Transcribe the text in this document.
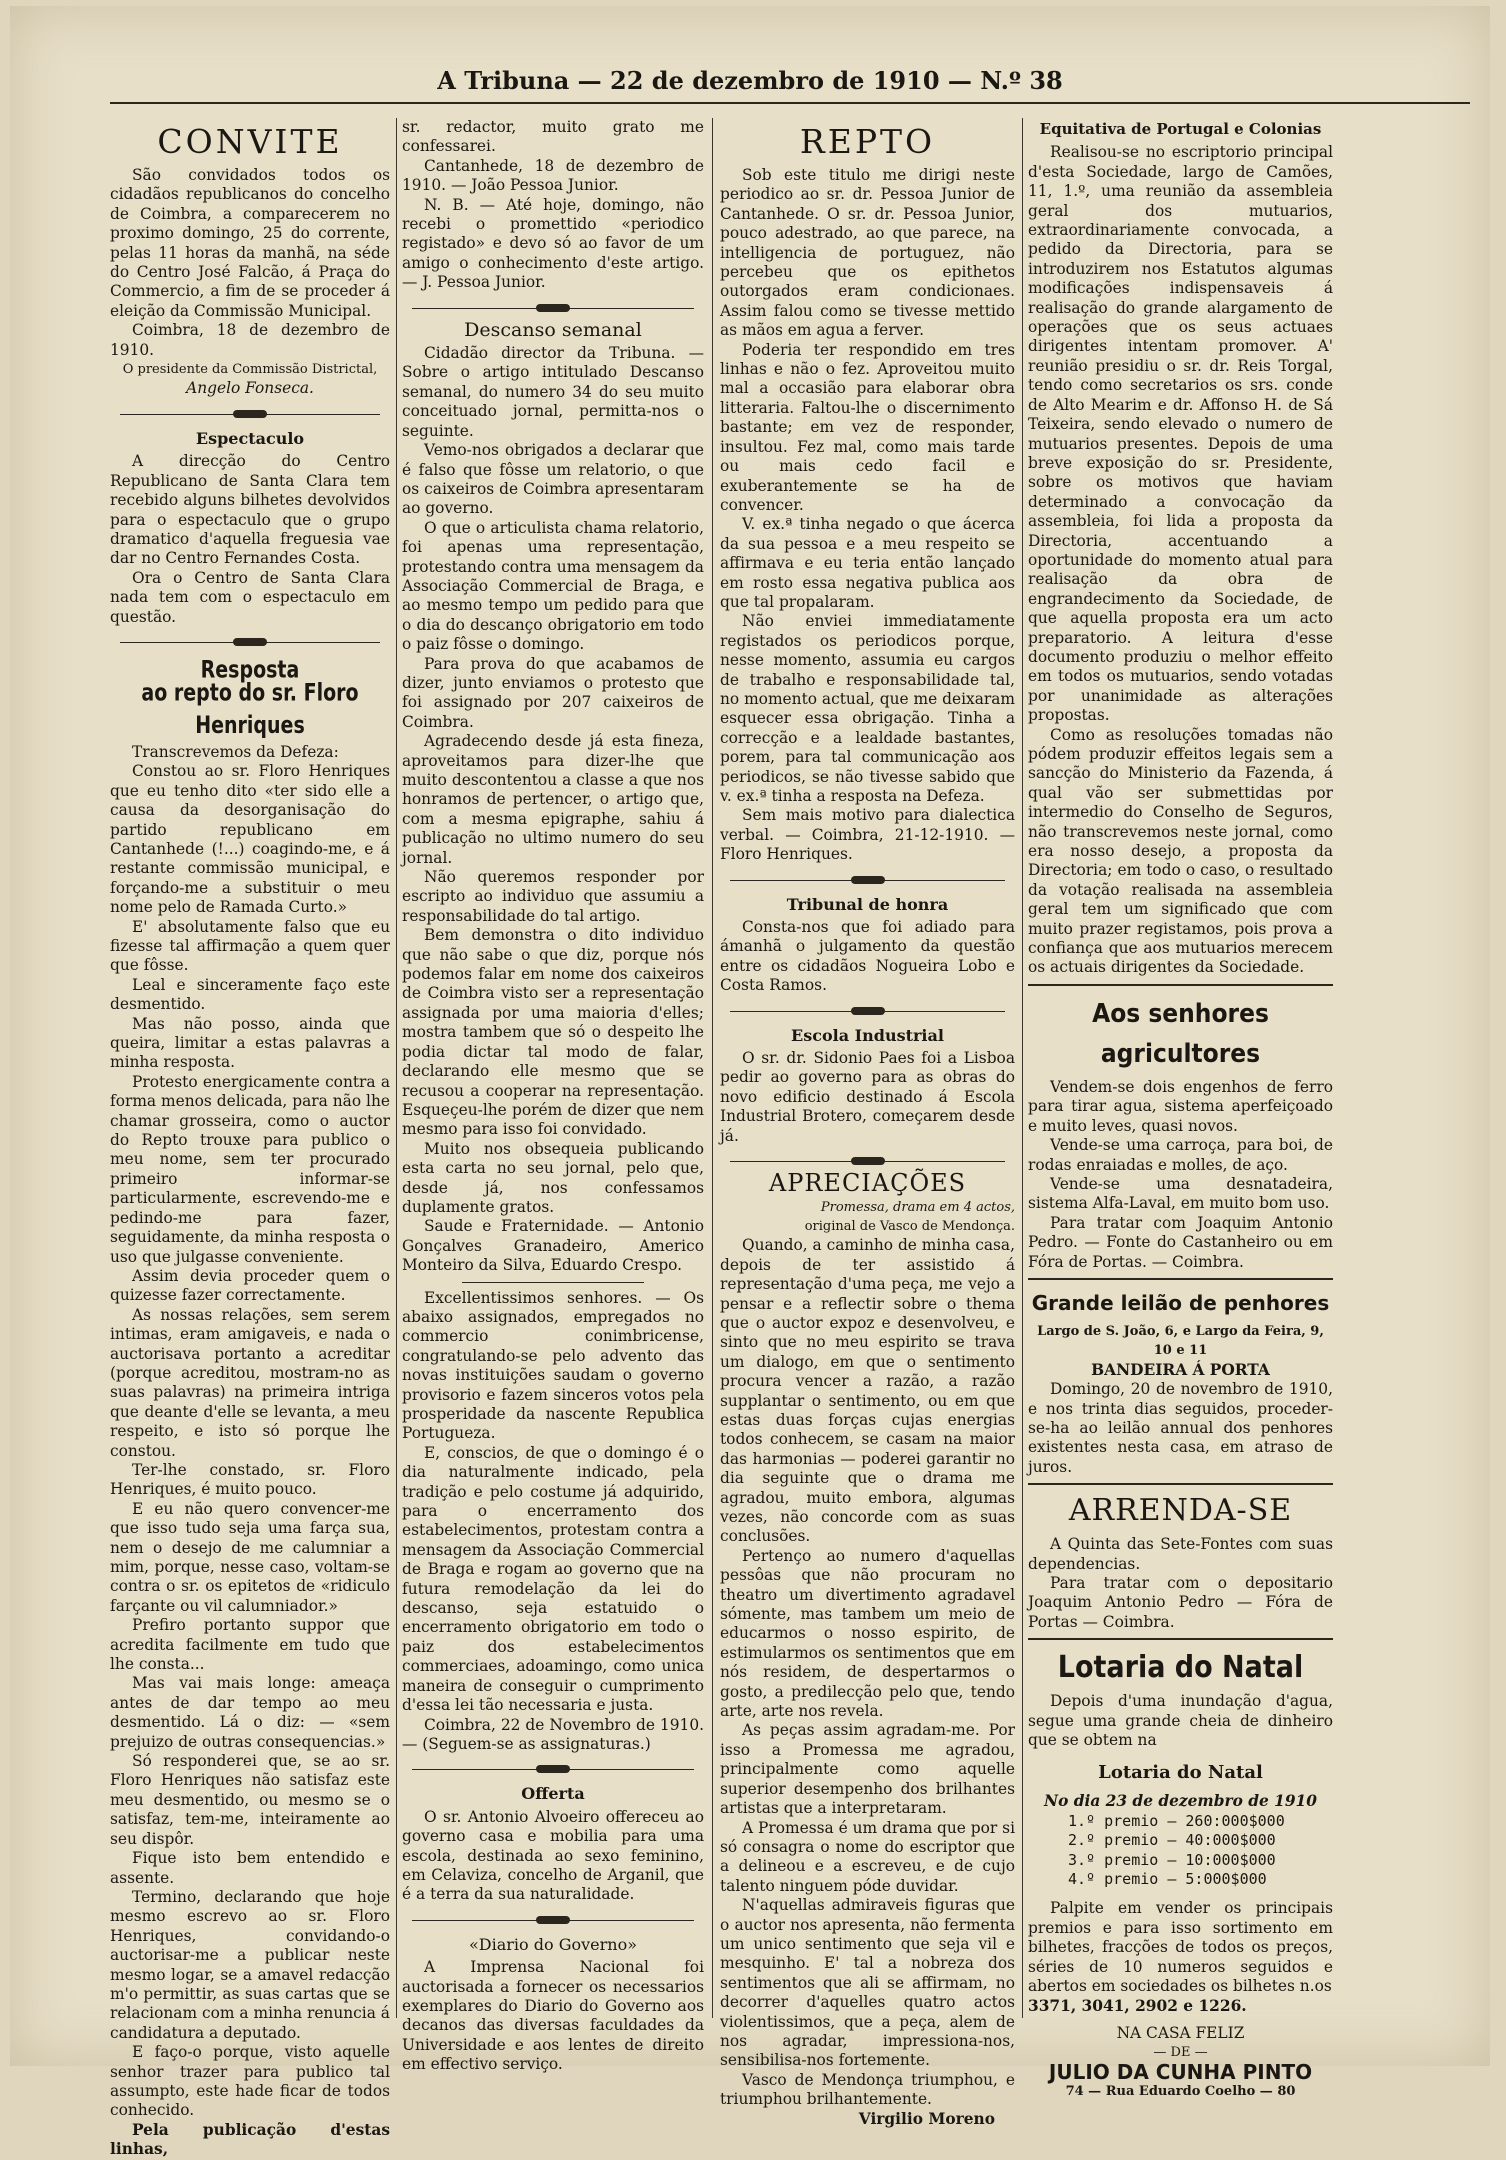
A Tribuna — 22 de dezembro de 1910 — N.º 38
CONVITE

São convidados todos os cidadãos republicanos do concelho de Coimbra, a comparecerem no proximo domingo, 25 do corrente, pelas 11 horas da manhã, na séde do Centro José Falcão, á Praça do Commercio, a fim de se proceder á eleição da Commissão Municipal.

Coimbra, 18 de dezembro de 1910.

O presidente da Commissão Districtal,

Angelo Fonseca.

Espectaculo

A direcção do Centro Republicano de Santa Clara tem recebido alguns bilhetes devolvidos para o espectaculo que o grupo dramatico d'aquella freguesia vae dar no Centro Fernandes Costa.

Ora o Centro de Santa Clara nada tem com o espectaculo em questão.

Resposta
ao repto do sr. Floro Henriques

Transcrevemos da Defeza:

Constou ao sr. Floro Henriques que eu tenho dito «ter sido elle a causa da desorganisação do partido republicano em Cantanhede (!...) coagindo-me, e á restante commissão municipal, e forçando-me a substituir o meu nome pelo de Ramada Curto.»

E' absolutamente falso que eu fizesse tal affirmação a quem quer que fôsse.

Leal e sinceramente faço este desmentido.

Mas não posso, ainda que queira, limitar a estas palavras a minha resposta.

Protesto energicamente contra a forma menos delicada, para não lhe chamar grosseira, como o auctor do Repto trouxe para publico o meu nome, sem ter procurado primeiro informar-se particularmente, escrevendo-me e pedindo-me para fazer, seguidamente, da minha resposta o uso que julgasse conveniente.

Assim devia proceder quem o quizesse fazer correctamente.

As nossas relações, sem serem intimas, eram amigaveis, e nada o auctorisava portanto a acreditar (porque acreditou, mostram-no as suas palavras) na primeira intriga que deante d'elle se levanta, a meu respeito, e isto só porque lhe constou.

Ter-lhe constado, sr. Floro Henriques, é muito pouco.

E eu não quero convencer-me que isso tudo seja uma farça sua, nem o desejo de me calumniar a mim, porque, nesse caso, voltam-se contra o sr. os epitetos de «ridiculo farçante ou vil calumniador.»

Prefiro portanto suppor que acredita facilmente em tudo que lhe consta...

Mas vai mais longe: ameaça antes de dar tempo ao meu desmentido. Lá o diz: — «sem prejuizo de outras consequencias.»

Só responderei que, se ao sr. Floro Henriques não satisfaz este meu desmentido, ou mesmo se o satisfaz, tem-me, inteiramente ao seu dispôr.

Fique isto bem entendido e assente.

Termino, declarando que hoje mesmo escrevo ao sr. Floro Henriques, convidando-o auctorisar-me a publicar neste mesmo logar, se a amavel redacção m'o permittir, as suas cartas que se relacionam com a minha renuncia á candidatura a deputado.

E faço-o porque, visto aquelle senhor trazer para publico tal assumpto, este hade ficar de todos conhecido.

Pela publicação d'estas linhas,

sr. redactor, muito grato me confessarei.

Cantanhede, 18 de dezembro de 1910. — João Pessoa Junior.

N. B. — Até hoje, domingo, não recebi o promettido «periodico registado» e devo só ao favor de um amigo o conhecimento d'este artigo. — J. Pessoa Junior.

Descanso semanal

Cidadão director da Tribuna. — Sobre o artigo intitulado Descanso semanal, do numero 34 do seu muito conceituado jornal, permitta-nos o seguinte.

Vemo-nos obrigados a declarar que é falso que fôsse um relatorio, o que os caixeiros de Coimbra apresentaram ao governo.

O que o articulista chama relatorio, foi apenas uma representação, protestando contra uma mensagem da Associação Commercial de Braga, e ao mesmo tempo um pedido para que o dia do descanço obrigatorio em todo o paiz fôsse o domingo.

Para prova do que acabamos de dizer, junto enviamos o protesto que foi assignado por 207 caixeiros de Coimbra.

Agradecendo desde já esta fineza, aproveitamos para dizer-lhe que muito descontentou a classe a que nos honramos de pertencer, o artigo que, com a mesma epigraphe, sahiu á publicação no ultimo numero do seu jornal.

Não queremos responder por escripto ao individuo que assumiu a responsabilidade do tal artigo.

Bem demonstra o dito individuo que não sabe o que diz, porque nós podemos falar em nome dos caixeiros de Coimbra visto ser a representação assignada por uma maioria d'elles; mostra tambem que só o despeito lhe podia dictar tal modo de falar, declarando elle mesmo que se recusou a cooperar na representação. Esqueçeu-lhe porém de dizer que nem mesmo para isso foi convidado.

Muito nos obsequeia publicando esta carta no seu jornal, pelo que, desde já, nos confessamos duplamente gratos.

Saude e Fraternidade. — Antonio Gonçalves Granadeiro, Americo Monteiro da Silva, Eduardo Crespo.

Excellentissimos senhores. — Os abaixo assignados, empregados no commercio conimbricense, congratulando-se pelo advento das novas instituições saudam o governo provisorio e fazem sinceros votos pela prosperidade da nascente Republica Portugueza.

E, conscios, de que o domingo é o dia naturalmente indicado, pela tradição e pelo costume já adquirido, para o encerramento dos estabelecimentos, protestam contra a mensagem da Associação Commercial de Braga e rogam ao governo que na futura remodelação da lei do descanso, seja estatuido o encerramento obrigatorio em todo o paiz dos estabelecimentos commerciaes, adoamingo, como unica maneira de conseguir o cumprimento d'essa lei tão necessaria e justa.

Coimbra, 22 de Novembro de 1910. — (Seguem-se as assignaturas.)

Offerta

O sr. Antonio Alvoeiro offereceu ao governo casa e mobilia para uma escola, destinada ao sexo feminino, em Celaviza, concelho de Arganil, que é a terra da sua naturalidade.

«Diario do Governo»

A Imprensa Nacional foi auctorisada a fornecer os necessarios exemplares do Diario do Governo aos decanos das diversas faculdades da Universidade e aos lentes de direito em effectivo serviço.

REPTO

Sob este titulo me dirigi neste periodico ao sr. dr. Pessoa Junior de Cantanhede. O sr. dr. Pessoa Junior, pouco adestrado, ao que parece, na intelligencia de portuguez, não percebeu que os epithetos outorgados eram condicionaes. Assim falou como se tivesse mettido as mãos em agua a ferver.

Poderia ter respondido em tres linhas e não o fez. Aproveitou muito mal a occasião para elaborar obra litteraria. Faltou-lhe o discernimento bastante; em vez de responder, insultou. Fez mal, como mais tarde ou mais cedo facil e exuberantemente se ha de convencer.

V. ex.ª tinha negado o que ácerca da sua pessoa e a meu respeito se affirmava e eu teria então lançado em rosto essa negativa publica aos que tal propalaram.

Não enviei immediatamente registados os periodicos porque, nesse momento, assumia eu cargos de trabalho e responsabilidade tal, no momento actual, que me deixaram esquecer essa obrigação. Tinha a correcção e a lealdade bastantes, porem, para tal communicação aos periodicos, se não tivesse sabido que v. ex.ª tinha a resposta na Defeza.

Sem mais motivo para dialectica verbal. — Coimbra, 21-12-1910. — Floro Henriques.

Tribunal de honra

Consta-nos que foi adiado para ámanhã o julgamento da questão entre os cidadãos Nogueira Lobo e Costa Ramos.

Escola Industrial

O sr. dr. Sidonio Paes foi a Lisboa pedir ao governo para as obras do novo edificio destinado á Escola Industrial Brotero, começarem desde já.

APRECIAÇÕES

Promessa, drama em 4 actos,

original de Vasco de Mendonça.

Quando, a caminho de minha casa, depois de ter assistido á representação d'uma peça, me vejo a pensar e a reflectir sobre o thema que o auctor expoz e desenvolveu, e sinto que no meu espirito se trava um dialogo, em que o sentimento procura vencer a razão, a razão supplantar o sentimento, ou em que estas duas forças cujas energias todos conhecem, se casam na maior das harmonias — poderei garantir no dia seguinte que o drama me agradou, muito embora, algumas vezes, não concorde com as suas conclusões.

Pertenço ao numero d'aquellas pessôas que não procuram no theatro um divertimento agradavel sómente, mas tambem um meio de educarmos o nosso espirito, de estimularmos os sentimentos que em nós residem, de despertarmos o gosto, a predilecção pelo que, tendo arte, arte nos revela.

As peças assim agradam-me. Por isso a Promessa me agradou, principalmente como aquelle superior desempenho dos brilhantes artistas que a interpretaram.

A Promessa é um drama que por si só consagra o nome do escriptor que a delineou e a escreveu, e de cujo talento ninguem póde duvidar.

N'aquellas admiraveis figuras que o auctor nos apresenta, não fermenta um unico sentimento que seja vil e mesquinho. E' tal a nobreza dos sentimentos que ali se affirmam, no decorrer d'aquelles quatro actos violentissimos, que a peça, alem de nos agradar, impressiona-nos, sensibilisa-nos fortemente.

Vasco de Mendonça triumphou, e triumphou brilhantemente.

Virgilio Moreno

Equitativa de Portugal e Colonias

Realisou-se no escriptorio principal d'esta Sociedade, largo de Camões, 11, 1.º, uma reunião da assembleia geral dos mutuarios, extraordinariamente convocada, a pedido da Directoria, para se introduzirem nos Estatutos algumas modificações indispensaveis á realisação do grande alargamento de operações que os seus actuaes dirigentes intentam promover. A' reunião presidiu o sr. dr. Reis Torgal, tendo como secretarios os srs. conde de Alto Mearim e dr. Affonso H. de Sá Teixeira, sendo elevado o numero de mutuarios presentes. Depois de uma breve exposição do sr. Presidente, sobre os motivos que haviam determinado a convocação da assembleia, foi lida a proposta da Directoria, accentuando a oportunidade do momento atual para realisação da obra de engrandecimento da Sociedade, de que aquella proposta era um acto preparatorio. A leitura d'esse documento produziu o melhor effeito em todos os mutuarios, sendo votadas por unanimidade as alterações propostas.

Como as resoluções tomadas não pódem produzir effeitos legais sem a sancção do Ministerio da Fazenda, á qual vão ser submettidas por intermedio do Conselho de Seguros, não transcrevemos neste jornal, como era nosso desejo, a proposta da Directoria; em todo o caso, o resultado da votação realisada na assembleia geral tem um significado que com muito prazer registamos, pois prova a confiança que aos mutuarios merecem os actuais dirigentes da Sociedade.

Aos senhores agricultores

Vendem-se dois engenhos de ferro para tirar agua, sistema aperfeiçoado e muito leves, quasi novos.

Vende-se uma carroça, para boi, de rodas enraiadas e molles, de aço.

Vende-se uma desnatadeira, sistema Alfa-Laval, em muito bom uso.

Para tratar com Joaquim Antonio Pedro. — Fonte do Castanheiro ou em Fóra de Portas. — Coimbra.

Grande leilão de penhores

Largo de S. João, 6, e Largo da Feira, 9, 10 e 11

BANDEIRA Á PORTA

Domingo, 20 de novembro de 1910, e nos trinta dias seguidos, proceder-se-ha ao leilão annual dos penhores existentes nesta casa, em atraso de juros.

ARRENDA-SE

A Quinta das Sete-Fontes com suas dependencias.

Para tratar com o depositario Joaquim Antonio Pedro — Fóra de Portas — Coimbra.

Lotaria do Natal

Depois d'uma inundação d'agua, segue uma grande cheia de dinheiro que se obtem na

Lotaria do Natal

No dia 23 de dezembro de 1910

1.º premio — 260:000$000

2.º premio — 40:000$000

3.º premio — 10:000$000

4.º premio — 5:000$000

Palpite em vender os principais premios e para isso sortimento em bilhetes, fracções de todos os preços, séries de 10 numeros seguidos e abertos em sociedades os bilhetes n.os

3371, 3041, 2902 e 1226.

NA CASA FELIZ

— DE —

JULIO DA CUNHA PINTO

74 — Rua Eduardo Coelho — 80
